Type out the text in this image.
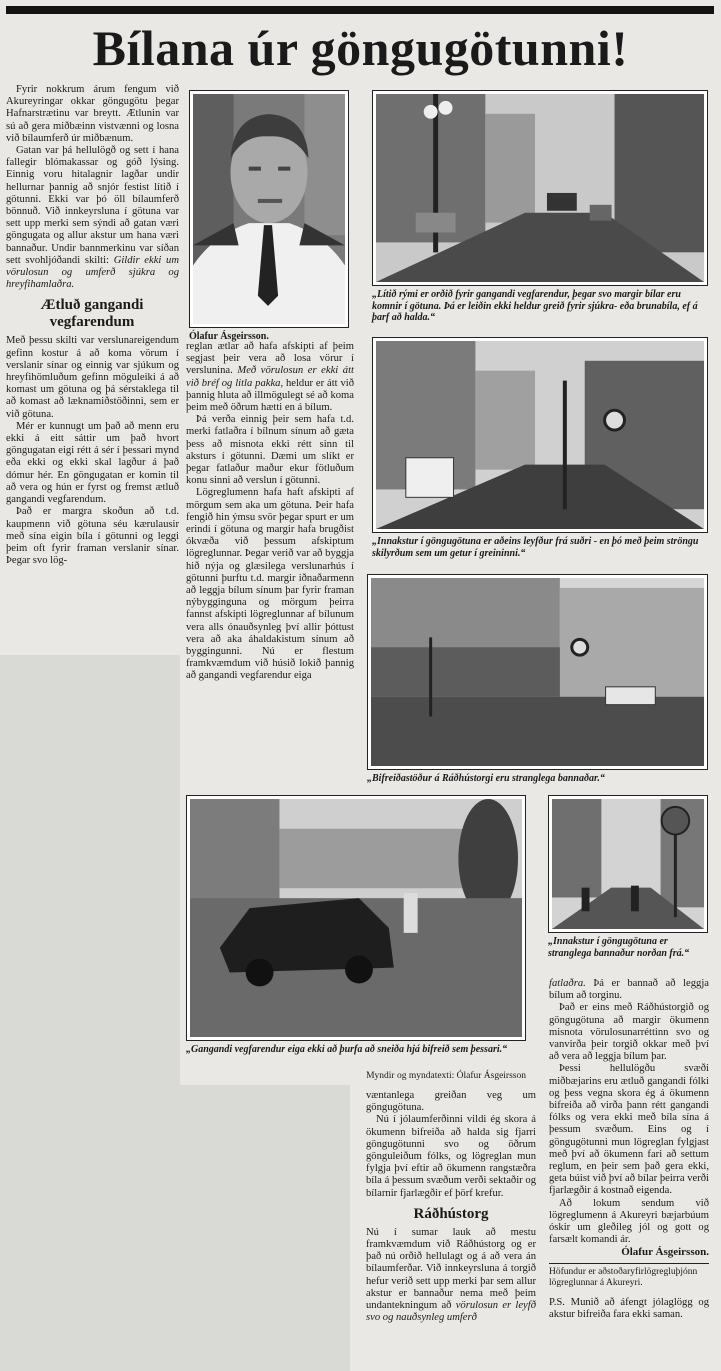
Bílana úr göngugötunni!

Fyrir nokkrum árum fengum við Akureyringar okkar göngugötu þegar Hafnarstrætinu var breytt. Ætlunin var sú að gera miðbæinn vistvænni og losna við bílaumferð úr miðbænum.

Gatan var þá hellulögð og sett í hana fallegir blómakassar og góð lýsing. Einnig voru hitalagnir lagðar undir hellurnar þannig að snjór festist lítið í götunni. Ekki var þó öll bílaumferð bönnuð. Við innkeyrsluna í götuna var sett upp merki sem sýndi að gatan væri göngugata og allur akstur um hana væri bannaður. Undir bannmerkinu var síðan sett svohljóðandi skilti: Gildir ekki um vörulosun og umferð sjúkra og hreyfihamlaðra.

Ætluð gangandi vegfarendum

Með þessu skilti var verslunareigendum gefinn kostur á að koma vörum í verslanir sínar og einnig var sjúkum og hreyfihömluðum gefinn möguleiki á að komast um götuna og þá sérstaklega til að komast að læknamiðstöðinni, sem er við götuna.

Mér er kunnugt um það að menn eru ekki á eitt sáttir um það hvort göngugatan eigi rétt á sér í þessari mynd eða ekki og ekki skal lagður á það dómur hér. En göngugatan er komin til að vera og hún er fyrst og fremst ætluð gangandi vegfarendum.

Það er margra skoðun að t.d. kaupmenn við götuna séu kærulausir með sína eigin bíla í götunni og leggi þeim oft fyrir framan verslanir sínar. Þegar svo lög-

Ólafur Ásgeirsson.
„Lítið rými er orðið fyrir gangandi vegfarendur, þegar svo margir bílar eru komnir í götuna. Þá er leiðin ekki heldur greið fyrir sjúkra- eða brunabíla, ef á þarf að halda.“
„Innakstur í göngugötuna er aðeins leyfður frá suðri - en þó með þeim ströngu skilyrðum sem um getur í greininni.“
„Bifreiðastöður á Ráðhústorgi eru stranglega bannaðar.“

reglan ætlar að hafa afskipti af þeim segjast þeir vera að losa vörur í verslunina. Með vörulosun er ekki átt við bréf og litla pakka, heldur er átt við þannig hluta að illmögulegt sé að koma þeim með öðrum hætti en á bílum.

Þá verða einnig þeir sem hafa t.d. merki fatlaðra í bílnum sínum að gæta þess að misnota ekki rétt sinn til aksturs í götunni. Dæmi um slíkt er þegar fatlaður maður ekur fötluðum konu sinni að verslun í götunni.

Lögreglumenn hafa haft afskipti af mörgum sem aka um götuna. Þeir hafa fengið hin ýmsu svör þegar spurt er um erindi í götuna og margir hafa brugðist ókvæða við þessum afskiptum lögreglunnar. Þegar verið var að byggja hið nýja og glæsilega verslunarhús í götunni þurftu t.d. margir iðnaðarmenn að leggja bílum sínum þar fyrir framan nýbygginguna og mörgum þeirra fannst afskipti lögreglunnar af bílunum vera alls ónauðsynleg því allir þóttust vera að aka áhaldakistum sínum að byggingunni. Nú er flestum framkvæmdum við húsið lokið þannig að gangandi vegfarendur eiga

„Gangandi vegfarendur eiga ekki að þurfa að sneiða hjá bifreið sem þessari.“
Myndir og myndatexti: Ólafur Ásgeirsson
„Innakstur í göngugötuna er stranglega bannaður norðan frá.“

væntanlega greiðan veg um göngugötuna.

Nú í jólaumferðinni vildi ég skora á ökumenn bifreiða að halda sig fjarri göngugötunni svo og öðrum gönguleiðum fólks, og lögreglan mun fylgja því eftir að ökumenn rangstæðra bíla á þessum svæðum verði sektaðir og bílarnir fjarlægðir ef þörf krefur.

Ráðhústorg

Nú í sumar lauk að mestu framkvæmdum við Ráðhústorg og er það nú orðið hellulagt og á að vera án bílaumferðar. Við innkeyrsluna á torgið hefur verið sett upp merki þar sem allur akstur er bannaður nema með þeim undantekningum að vörulosun er leyfð svo og nauðsynleg umferð

fatlaðra. Þá er bannað að leggja bílum að torginu.

Það er eins með Ráðhústorgið og göngugötuna að margir ökumenn misnota vörulosunarréttinn svo og vanvirða þeir torgið okkar með því að vera að leggja bílum þar.

Þessi hellulögðu svæði miðbæjarins eru ætluð gangandi fólki og þess vegna skora ég á ökumenn bifreiða að virða þann rétt gangandi fólks og vera ekki með bíla sína á þessum svæðum. Eins og í göngugötunni mun lögreglan fylgjast með því að ökumenn fari að settum reglum, en þeir sem það gera ekki, geta búist við því að bílar þeirra verði fjarlægðir á kostnað eigenda.

Að lokum sendum við lögreglumenn á Akureyri bæjarbúum óskir um gleðileg jól og gott og farsælt komandi ár.

Ólafur Ásgeirsson.
Höfundur er aðstoðaryfirlögregluþjónn lögreglunnar á Akureyri.
P.S. Munið að áfengt jólaglögg og akstur bifreiða fara ekki saman.
